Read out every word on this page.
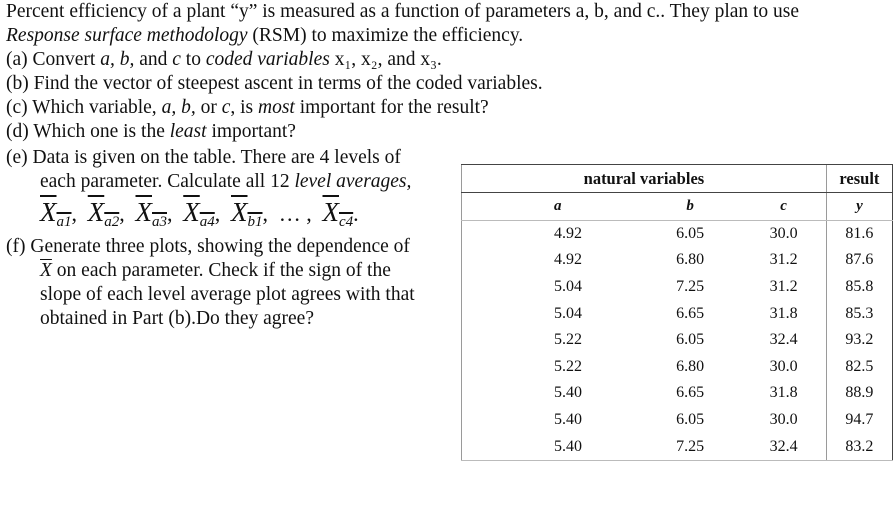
Percent efficiency of a plant “y” is measured as a function of parameters a, b, and c.. They plan to use
Response surface methodology (RSM) to maximize the efficiency.
(a) Convert a, b, and c to coded variables x₁, x₂, and x₃.
(b) Find the vector of steepest ascent in terms of the coded variables.
(c) Which variable, a, b, or c, is most important for the result?
(d) Which one is the least important?
(e) Data is given on the table. There are 4 levels of
each parameter. Calculate all 12 level averages,
$X_{a1}$, $X_{a2}$, $X_{a3}$, $X_{a4}$, $X_{b1}$, … , $X_{c4}$.
(f) Generate three plots, showing the dependence of
$\overline{X}$ on each parameter. Check if the sign of the
slope of each level average plot agrees with that
obtained in Part (b).Do they agree?
natural variables			result
a	b	c	y
4.92	6.05	30.0	81.6
4.92	6.80	31.2	87.6
5.04	7.25	31.2	85.8
5.04	6.65	31.8	85.3
5.22	6.05	32.4	93.2
5.22	6.80	30.0	82.5
5.40	6.65	31.8	88.9
5.40	6.05	30.0	94.7
5.40	7.25	32.4	83.2
